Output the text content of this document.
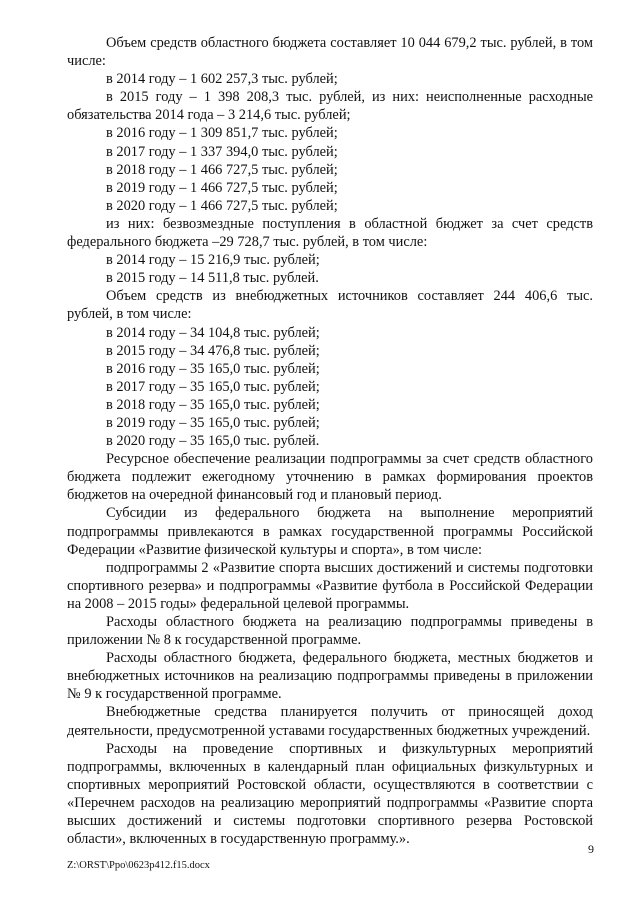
Объем средств областного бюджета составляет 10 044 679,2 тыс. рублей, в том числе:

в 2014 году – 1 602 257,3 тыс. рублей;

в 2015 году – 1 398 208,3 тыс. рублей, из них: неисполненные расходные обязательства 2014 года – 3 214,6 тыс. рублей;

в 2016 году – 1 309 851,7 тыс. рублей;

в 2017 году – 1 337 394,0 тыс. рублей;

в 2018 году – 1 466 727,5 тыс. рублей;

в 2019 году – 1 466 727,5 тыс. рублей;

в 2020 году – 1 466 727,5 тыс. рублей;

из них: безвозмездные поступления в областной бюджет за счет средств федерального бюджета –29 728,7 тыс. рублей, в том числе:

в 2014 году – 15 216,9 тыс. рублей;

в 2015 году – 14 511,8 тыс. рублей.

Объем средств из внебюджетных источников составляет 244 406,6 тыс. рублей, в том числе:

в 2014 году – 34 104,8 тыс. рублей;

в 2015 году – 34 476,8 тыс. рублей;

в 2016 году – 35 165,0 тыс. рублей;

в 2017 году – 35 165,0 тыс. рублей;

в 2018 году – 35 165,0 тыс. рублей;

в 2019 году – 35 165,0 тыс. рублей;

в 2020 году – 35 165,0 тыс. рублей.

Ресурсное обеспечение реализации подпрограммы за счет средств областного бюджета подлежит ежегодному уточнению в рамках формирования проектов бюджетов на очередной финансовый год и плановый период.

Субсидии из федерального бюджета на выполнение мероприятий подпрограммы привлекаются в рамках государственной программы Российской Федерации «Развитие физической культуры и спорта», в том числе:

подпрограммы 2 «Развитие спорта высших достижений и системы подготовки спортивного резерва» и подпрограммы «Развитие футбола в Российской Федерации на 2008 – 2015 годы» федеральной целевой программы.

Расходы областного бюджета на реализацию подпрограммы приведены в приложении № 8 к государственной программе.

Расходы областного бюджета, федерального бюджета, местных бюджетов и внебюджетных источников на реализацию подпрограммы приведены в приложении № 9 к государственной программе.

Внебюджетные средства планируется получить от приносящей доход деятельности, предусмотренной уставами государственных бюджетных учреждений.

Расходы на проведение спортивных и физкультурных мероприятий подпрограммы, включенных в календарный план официальных физкультурных и спортивных мероприятий Ростовской области, осуществляются в соответствии с «Перечнем расходов на реализацию мероприятий подпрограммы «Развитие спорта высших достижений и системы подготовки спортивного резерва Ростовской области», включенных в государственную программу.».

9
Z:\ORST\Ppo\0623p412.f15.docx
